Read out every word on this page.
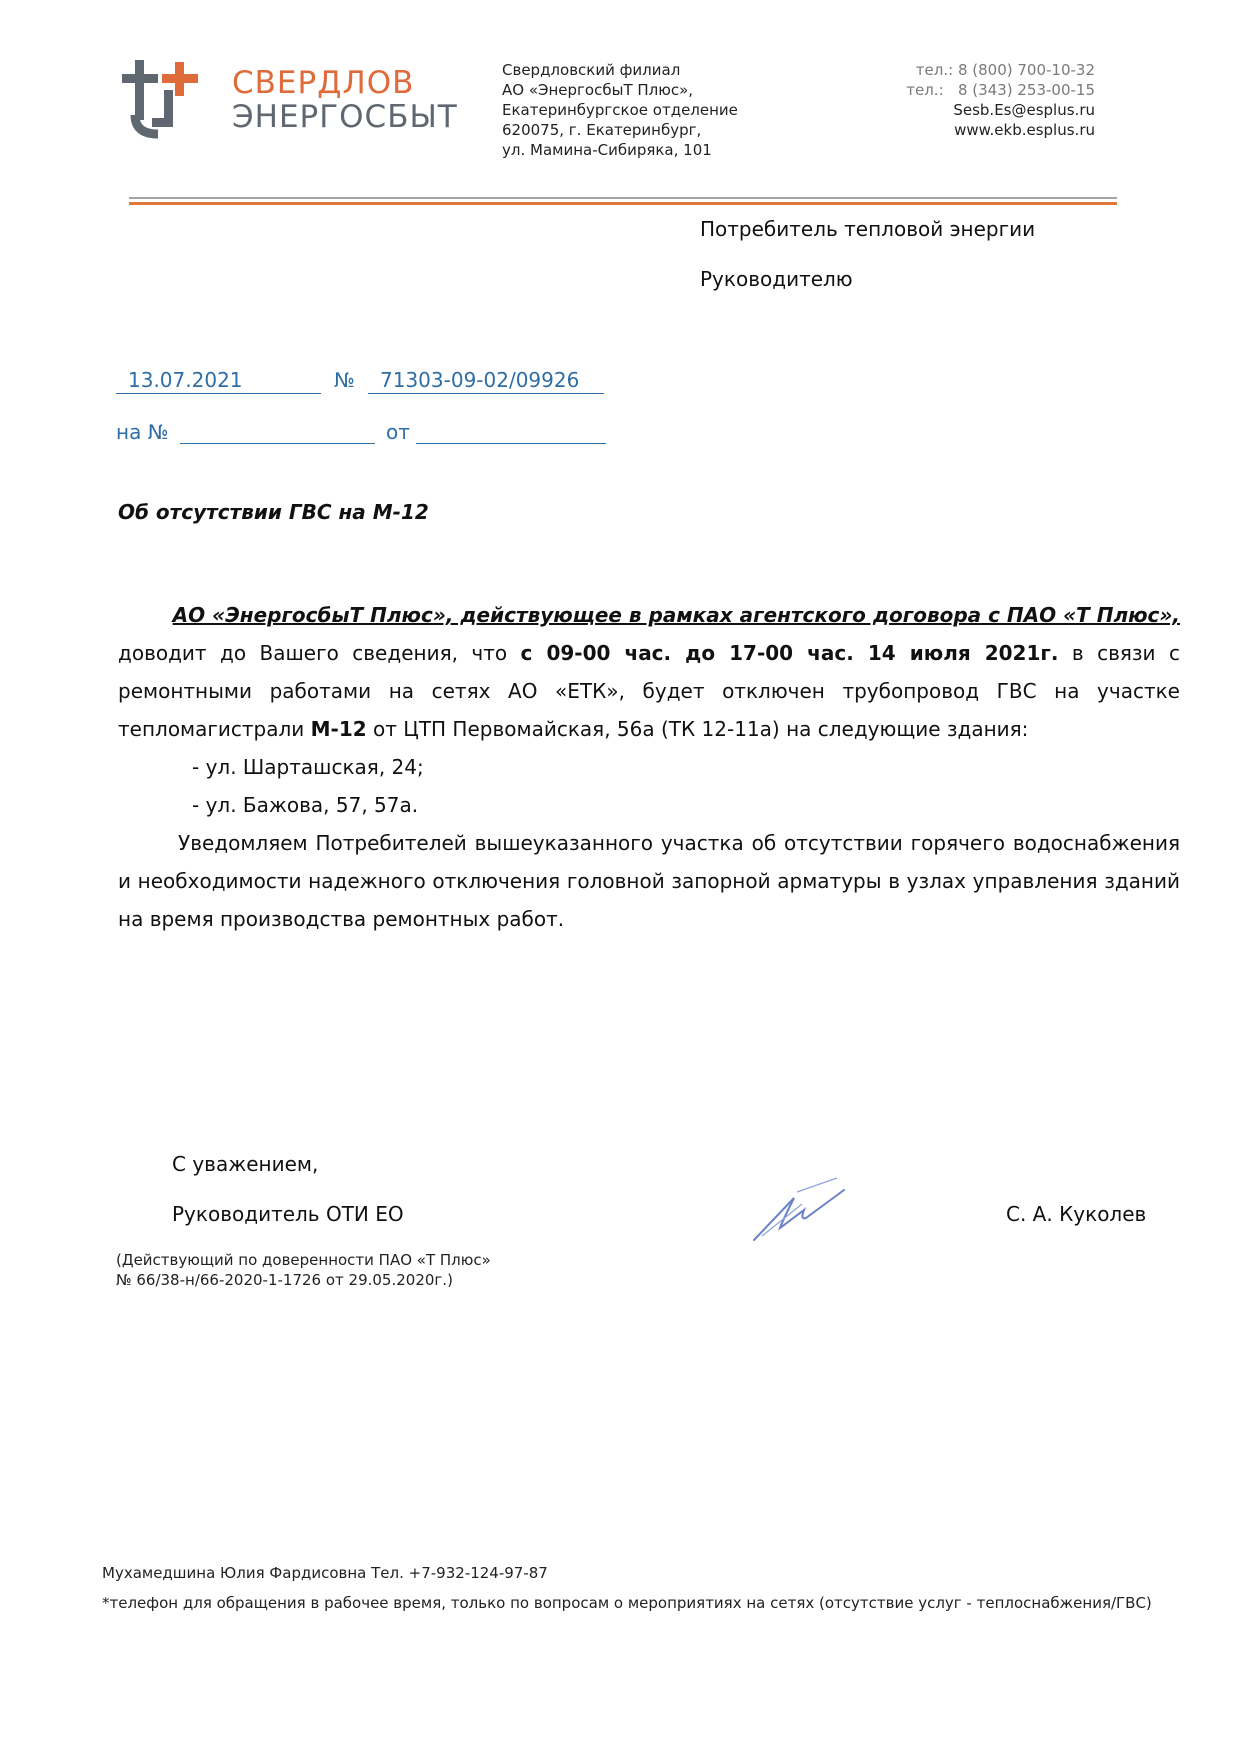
СВЕРДЛОВ
ЭНЕРГОСБЫТ
Свердловский филиал
АО «ЭнергосбыТ Плюс»,
Екатеринбургское отделение
620075, г. Екатеринбург,
ул. Мамина-Сибиряка, 101
тел.: 8 (800) 700-10-32
тел.: 8 (343) 253-00-15
Sesb.Es@esplus.ru
www.ekb.esplus.ru
Потребитель тепловой энергии
Руководителю
13.07.2021	№ 71303-09-02/09926
на №	от
Об отсутствии ГВС на М-12
АО «ЭнергосбыТ Плюс», действующее в рамках агентского договора с ПАО «Т Плюс»,

доводит до Вашего сведения, что с 09-00 час. до 17-00 час. 14 июля 2021г. в связи с ремонтными работами на сетях АО «ЕТК», будет отключен трубопровод ГВС на участке тепломагистрали М-12 от ЦТП Первомайская, 56а (ТК 12-11а) на следующие здания:

- ул. Шарташская, 24;
- ул. Бажова, 57, 57а.

Уведомляем Потребителей вышеуказанного участка об отсутствии горячего водоснабжения и необходимости надежного отключения головной запорной арматуры в узлах управления зданий на время производства ремонтных работ.

С уважением,
Руководитель ОТИ ЕО	С. А. Куколев
(Действующий по доверенности ПАО «Т Плюс»
№ 66/38-н/66-2020-1-1726 от 29.05.2020г.)
Мухамедшина Юлия Фардисовна Тел. +7-932-124-97-87
*телефон для обращения в рабочее время, только по вопросам о мероприятиях на сетях (отсутствие услуг - теплоснабжения/ГВС)
